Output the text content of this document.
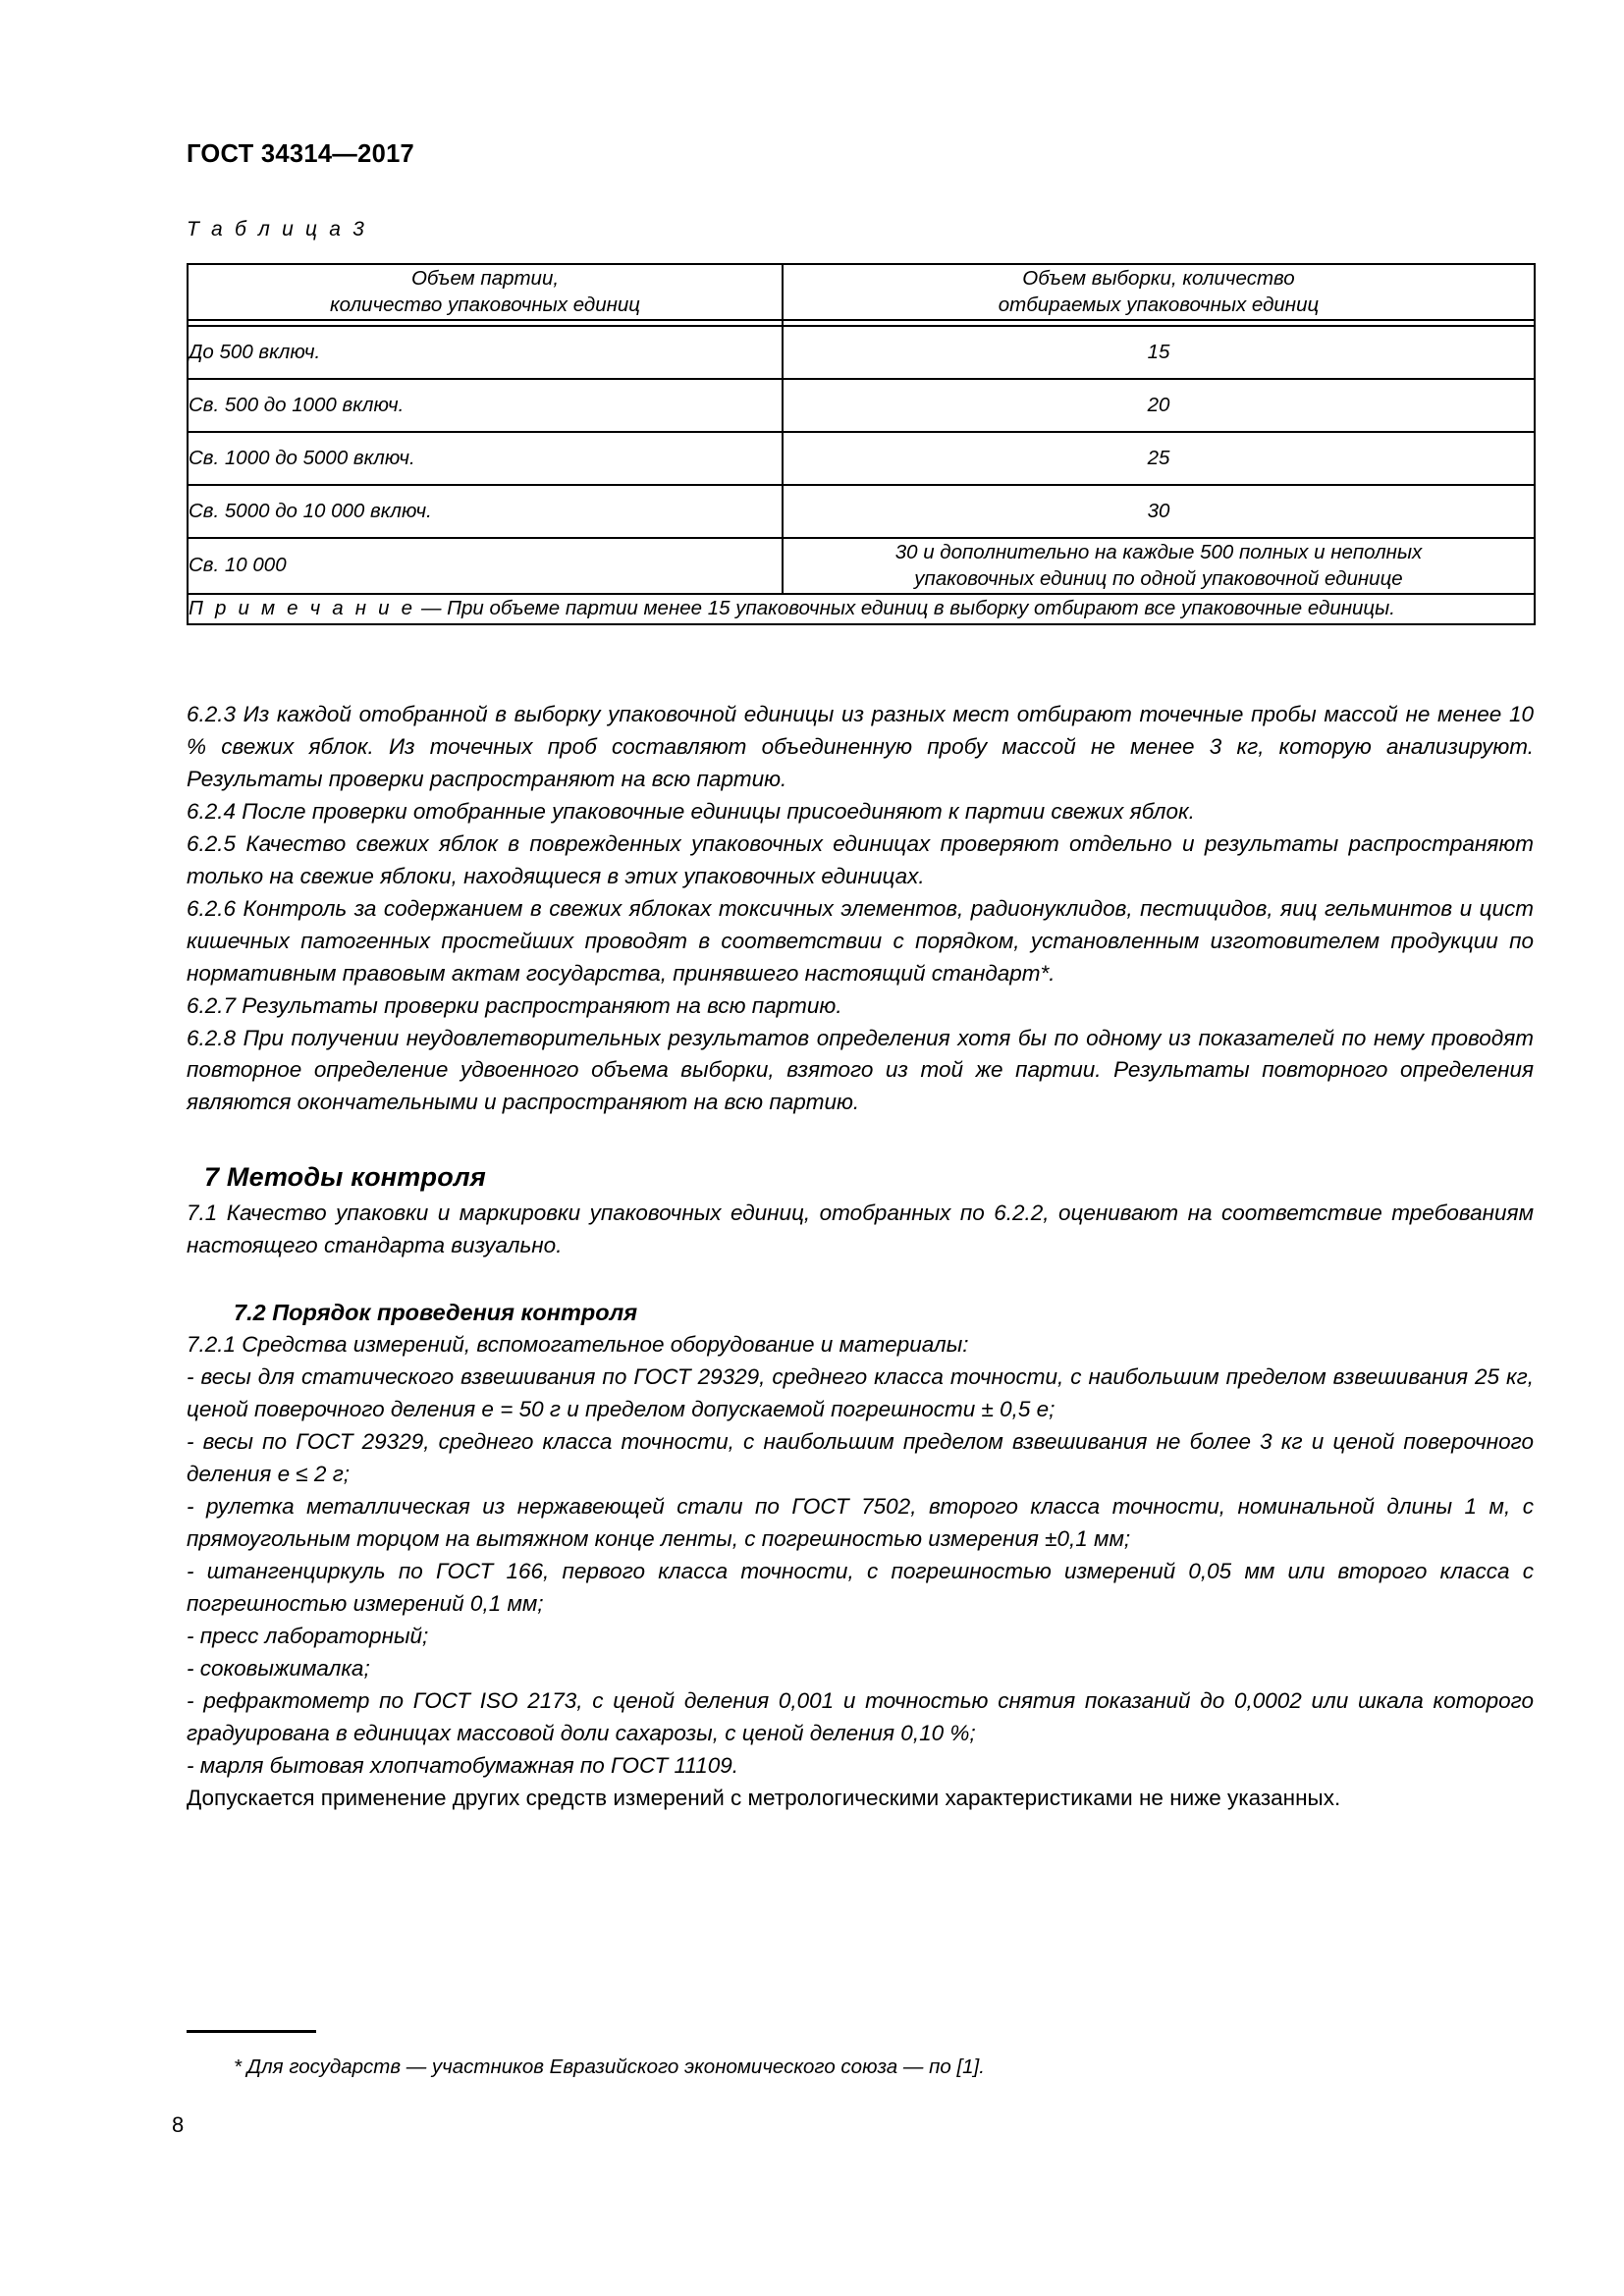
ГОСТ 34314—2017
Т а б л и ц а 3
Объем партии,
количество упаковочных единиц

Объем выборки, количество
отбираемых упаковочных единиц

До 500 включ.	15
Св. 500 до 1000 включ.	20
Св. 1000 до 5000 включ.	25
Св. 5000 до 10 000 включ.	30
Св. 10 000	30 и дополнительно на каждые 500 полных и неполных
упаковочных единиц по одной упаковочной единице

П р и м е ч а н и е — При объеме партии менее 15 упаковочных единиц в выборку отбирают все упаковочные единицы.	

6.2.3 Из каждой отобранной в выборку упаковочной единицы из разных мест отбирают точечные пробы массой не менее 10 % свежих яблок. Из точечных проб составляют объединенную пробу массой не менее 3 кг, которую анализируют. Результаты проверки распространяют на всю партию.

6.2.4 После проверки отобранные упаковочные единицы присоединяют к партии свежих яблок.

6.2.5 Качество свежих яблок в поврежденных упаковочных единицах проверяют отдельно и результаты распространяют только на свежие яблоки, находящиеся в этих упаковочных единицах.

6.2.6 Контроль за содержанием в свежих яблоках токсичных элементов, радионуклидов, пестицидов, яиц гельминтов и цист кишечных патогенных простейших проводят в соответствии с порядком, установленным изготовителем продукции по нормативным правовым актам государства, принявшего настоящий стандарт*.

6.2.7 Результаты проверки распространяют на всю партию.

6.2.8 При получении неудовлетворительных результатов определения хотя бы по одному из показателей по нему проводят повторное определение удвоенного объема выборки, взятого из той же партии. Результаты повторного определения являются окончательными и распространяют на всю партию.

7 Методы контроля

7.1 Качество упаковки и маркировки упаковочных единиц, отобранных по 6.2.2, оценивают на соответствие требованиям настоящего стандарта визуально.

7.2 Порядок проведения контроля

7.2.1 Средства измерений, вспомогательное оборудование и материалы:

- весы для статического взвешивания по ГОСТ 29329, среднего класса точности, с наибольшим пределом взвешивания 25 кг, ценой поверочного деления е = 50 г и пределом допускаемой погрешности ± 0,5 е;

- весы по ГОСТ 29329, среднего класса точности, с наибольшим пределом взвешивания не более 3 кг и ценой поверочного деления е ≤ 2 г;

- рулетка металлическая из нержавеющей стали по ГОСТ 7502, второго класса точности, номинальной длины 1 м, с прямоугольным торцом на вытяжном конце ленты, с погрешностью измерения ±0,1 мм;

- штангенциркуль по ГОСТ 166, первого класса точности, с погрешностью измерений 0,05 мм или второго класса с погрешностью измерений 0,1 мм;

- пресс лабораторный;

- соковыжималка;

- рефрактометр по ГОСТ ISO 2173, с ценой деления 0,001 и точностью снятия показаний до 0,0002 или шкала которого градуирована в единицах массовой доли сахарозы, с ценой деления 0,10 %;

- марля бытовая хлопчатобумажная по ГОСТ 11109.

Допускается применение других средств измерений с метрологическими характеристиками не ниже указанных.

* Для государств — участников Евразийского экономического союза — по [1].
8
